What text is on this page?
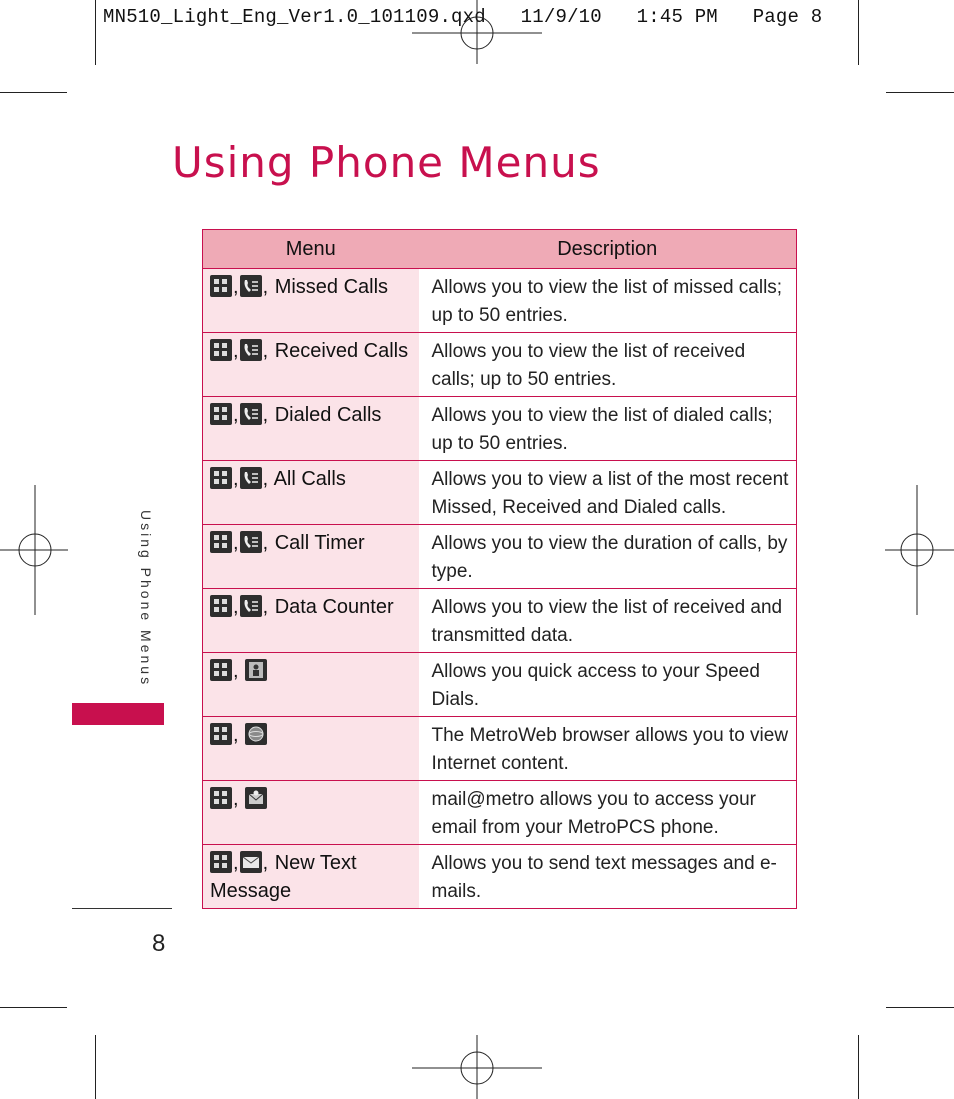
MN510_Light_Eng_Ver1.0_101109.qxd   11/9/10   1:45 PM   Page 8
Using Phone Menus
Using Phone Menus
8
Menu	Description

, , Missed Calls	Allows you to view the list of missed calls; up to 50 entries.

, , Received Calls	Allows you to view the list of received calls; up to 50 entries.

, , Dialed Calls	Allows you to view the list of dialed calls; up to 50 entries.

, , All Calls	Allows you to view a list of the most recent Missed, Received and Dialed calls.

, , Call Timer	Allows you to view the duration of calls, by type.

, , Data Counter	Allows you to view the list of received and transmitted data.

,	Allows you quick access to your Speed Dials.

,	The MetroWeb browser allows you to view Internet content.

,	mail@metro allows you to access your email from your MetroPCS phone.

, , New Text Message	Allows you to send text messages and e-mails.
